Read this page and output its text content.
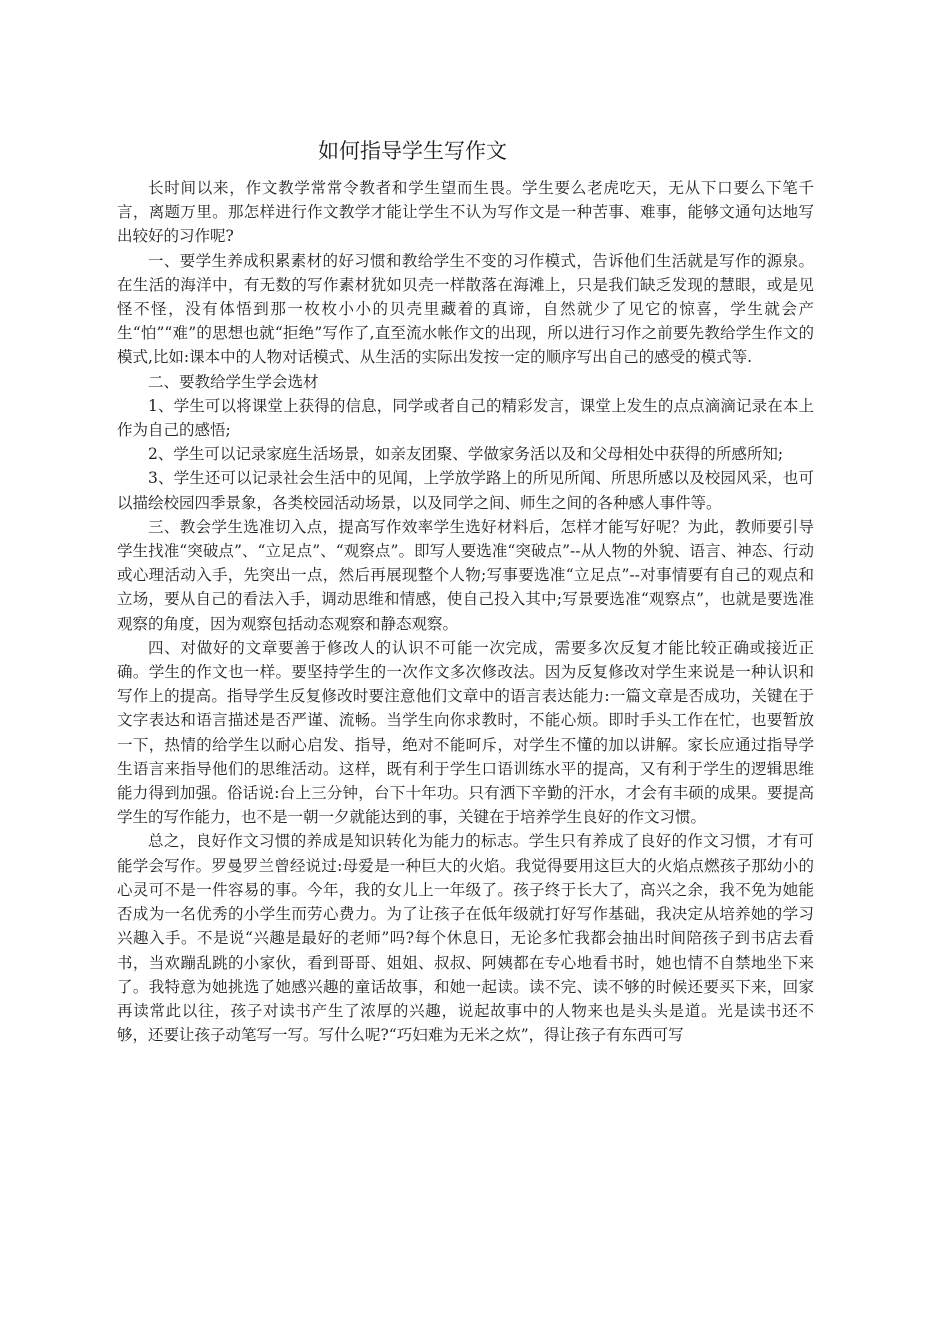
如何指导学生写作文

长时间以来，作文教学常常令教者和学生望而生畏。学生要么老虎吃天，无从下口要么下笔千言，离题万里。那怎样进行作文教学才能让学生不认为写作文是一种苦事、难事，能够文通句达地写出较好的习作呢?

一、要学生养成积累素材的好习惯和教给学生不变的习作模式，告诉他们生活就是写作的源泉。在生活的海洋中，有无数的写作素材犹如贝壳一样散落在海滩上，只是我们缺乏发现的慧眼，或是见怪不怪，没有体悟到那一枚枚小小的贝壳里藏着的真谛，自然就少了见它的惊喜，学生就会产生“怕”“难”的思想也就“拒绝”写作了,直至流水帐作文的出现，所以进行习作之前要先教给学生作文的模式,比如:课本中的人物对话模式、从生活的实际出发按一定的顺序写出自己的感受的模式等.

二、要教给学生学会选材

1、学生可以将课堂上获得的信息，同学或者自己的精彩发言，课堂上发生的点点滴滴记录在本上作为自己的感悟;

2、学生可以记录家庭生活场景，如亲友团聚、学做家务活以及和父母相处中获得的所感所知;

3、学生还可以记录社会生活中的见闻，上学放学路上的所见所闻、所思所感以及校园风采，也可以描绘校园四季景象，各类校园活动场景，以及同学之间、师生之间的各种感人事件等。

三、教会学生选准切入点，提高写作效率学生选好材料后，怎样才能写好呢？为此，教师要引导学生找准“突破点”、“立足点”、“观察点”。即写人要选准“突破点”--从人物的外貌、语言、神态、行动或心理活动入手，先突出一点，然后再展现整个人物;写事要选准“立足点”--对事情要有自己的观点和立场，要从自己的看法入手，调动思维和情感，使自己投入其中;写景要选准“观察点”，也就是要选准观察的角度，因为观察包括动态观察和静态观察。

四、对做好的文章要善于修改人的认识不可能一次完成，需要多次反复才能比较正确或接近正确。学生的作文也一样。要坚持学生的一次作文多次修改法。因为反复修改对学生来说是一种认识和写作上的提高。指导学生反复修改时要注意他们文章中的语言表达能力:一篇文章是否成功，关键在于文字表达和语言描述是否严谨、流畅。当学生向你求教时，不能心烦。即时手头工作在忙，也要暂放一下，热情的给学生以耐心启发、指导，绝对不能呵斥，对学生不懂的加以讲解。家长应通过指导学生语言来指导他们的思维活动。这样，既有利于学生口语训练水平的提高，又有利于学生的逻辑思维能力得到加强。俗话说:台上三分钟，台下十年功。只有洒下辛勤的汗水，才会有丰硕的成果。要提高学生的写作能力，也不是一朝一夕就能达到的事，关键在于培养学生良好的作文习惯。

总之，良好作文习惯的养成是知识转化为能力的标志。学生只有养成了良好的作文习惯，才有可能学会写作。罗曼罗兰曾经说过:母爱是一种巨大的火焰。我觉得要用这巨大的火焰点燃孩子那幼小的心灵可不是一件容易的事。今年，我的女儿上一年级了。孩子终于长大了，高兴之余，我不免为她能否成为一名优秀的小学生而劳心费力。为了让孩子在低年级就打好写作基础，我决定从培养她的学习兴趣入手。不是说“兴趣是最好的老师”吗?每个休息日，无论多忙我都会抽出时间陪孩子到书店去看书，当欢蹦乱跳的小家伙，看到哥哥、姐姐、叔叔、阿姨都在专心地看书时，她也情不自禁地坐下来了。我特意为她挑选了她感兴趣的童话故事，和她一起读。读不完、读不够的时候还要买下来，回家再读常此以往，孩子对读书产生了浓厚的兴趣，说起故事中的人物来也是头头是道。光是读书还不够，还要让孩子动笔写一写。写什么呢?“巧妇难为无米之炊”，得让孩子有东西可写
